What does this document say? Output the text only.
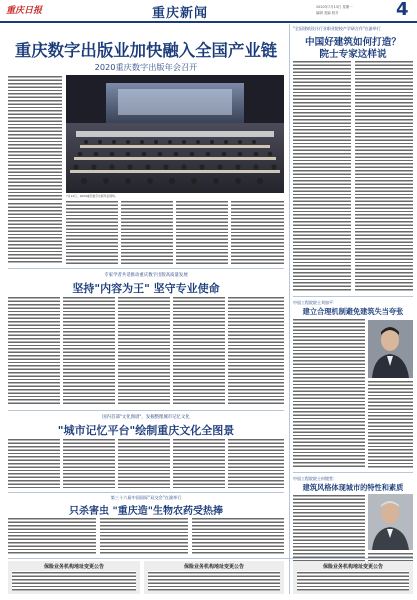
重庆日报	重庆新闻	2020年7月13日 星期一
编辑 美编 校对	4
重庆数字出版业加快融入全国产业链
2020重庆数字出版年会召开
7月12日，2020重庆数字出版年会现场。
"全国建筑设计行业职业院校产学研合作"在渝举行
中国好建筑如何打造？
院士专家这样说
中国工程院院士刘加平：
建立合理机制避免建筑失当夸张
中国工程院院士何镜堂：
建筑风格体现城市的特性和素质
专家学者共话推动重庆数字出版高质量发展
坚持"内容为王" 坚守专业使命
国内首部"文化图谱"，发掘整理城市记忆文化
"城市记忆平台"绘制重庆文化全图景
第三十六届中国国际"双交会"在渝举行
只杀害虫 "重庆造"生物农药受热捧
保险业务机构地址变更公告	保险业务机构地址变更公告	保险业务机构地址变更公告
